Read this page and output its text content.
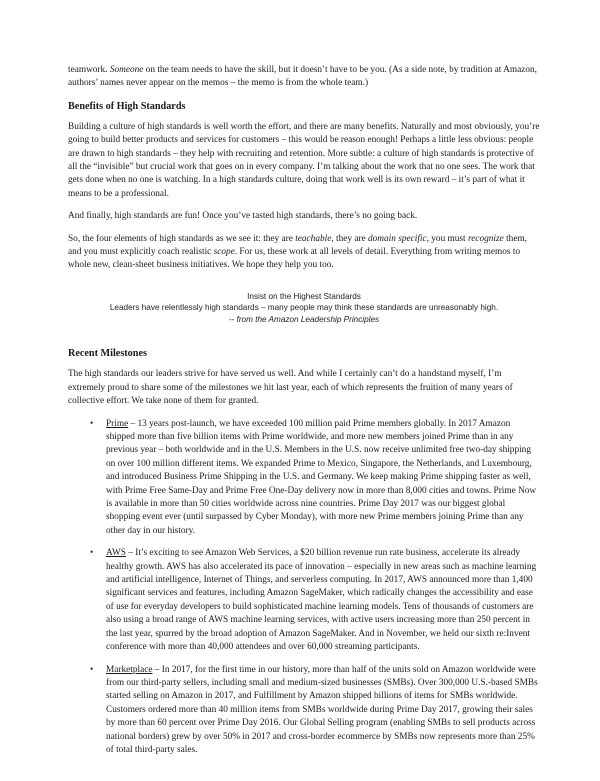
teamwork. Someone on the team needs to have the skill, but it doesn’t have to be you. (As a side note, by tradition at Amazon, authors’ names never appear on the memos – the memo is from the whole team.)

Benefits of High Standards

Building a culture of high standards is well worth the effort, and there are many benefits. Naturally and most obviously, you’re going to build better products and services for customers – this would be reason enough! Perhaps a little less obvious: people are drawn to high standards – they help with recruiting and retention. More subtle: a culture of high standards is protective of all the “invisible” but crucial work that goes on in every company. I’m talking about the work that no one sees. The work that gets done when no one is watching. In a high standards culture, doing that work well is its own reward – it’s part of what it means to be a professional.

And finally, high standards are fun! Once you’ve tasted high standards, there’s no going back.

So, the four elements of high standards as we see it: they are teachable, they are domain specific, you must recognize them, and you must explicitly coach realistic scope. For us, these work at all levels of detail. Everything from writing memos to whole new, clean-sheet business initiatives. We hope they help you too.

Insist on the Highest Standards
Leaders have relentlessly high standards – many people may think these standards are unreasonably high.
-- from the Amazon Leadership Principles
Recent Milestones

The high standards our leaders strive for have served us well. And while I certainly can’t do a handstand myself, I’m extremely proud to share some of the milestones we hit last year, each of which represents the fruition of many years of collective effort. We take none of them for granted.

• Prime – 13 years post-launch, we have exceeded 100 million paid Prime members globally. In 2017 Amazon shipped more than five billion items with Prime worldwide, and more new members joined Prime than in any previous year – both worldwide and in the U.S. Members in the U.S. now receive unlimited free two-day shipping on over 100 million different items. We expanded Prime to Mexico, Singapore, the Netherlands, and Luxembourg, and introduced Business Prime Shipping in the U.S. and Germany. We keep making Prime shipping faster as well, with Prime Free Same-Day and Prime Free One-Day delivery now in more than 8,000 cities and towns. Prime Now is available in more than 50 cities worldwide across nine countries. Prime Day 2017 was our biggest global shopping event ever (until surpassed by Cyber Monday), with more new Prime members joining Prime than any other day in our history.
• AWS – It’s exciting to see Amazon Web Services, a $20 billion revenue run rate business, accelerate its already healthy growth. AWS has also accelerated its pace of innovation – especially in new areas such as machine learning and artificial intelligence, Internet of Things, and serverless computing. In 2017, AWS announced more than 1,400 significant services and features, including Amazon SageMaker, which radically changes the accessibility and ease of use for everyday developers to build sophisticated machine learning models. Tens of thousands of customers are also using a broad range of AWS machine learning services, with active users increasing more than 250 percent in the last year, spurred by the broad adoption of Amazon SageMaker. And in November, we held our sixth re:Invent conference with more than 40,000 attendees and over 60,000 streaming participants.
• Marketplace – In 2017, for the first time in our history, more than half of the units sold on Amazon worldwide were from our third-party sellers, including small and medium-sized businesses (SMBs). Over 300,000 U.S.-based SMBs started selling on Amazon in 2017, and Fulfillment by Amazon shipped billions of items for SMBs worldwide. Customers ordered more than 40 million items from SMBs worldwide during Prime Day 2017, growing their sales by more than 60 percent over Prime Day 2016. Our Global Selling program (enabling SMBs to sell products across national borders) grew by over 50% in 2017 and cross-border ecommerce by SMBs now represents more than 25% of total third-party sales.
